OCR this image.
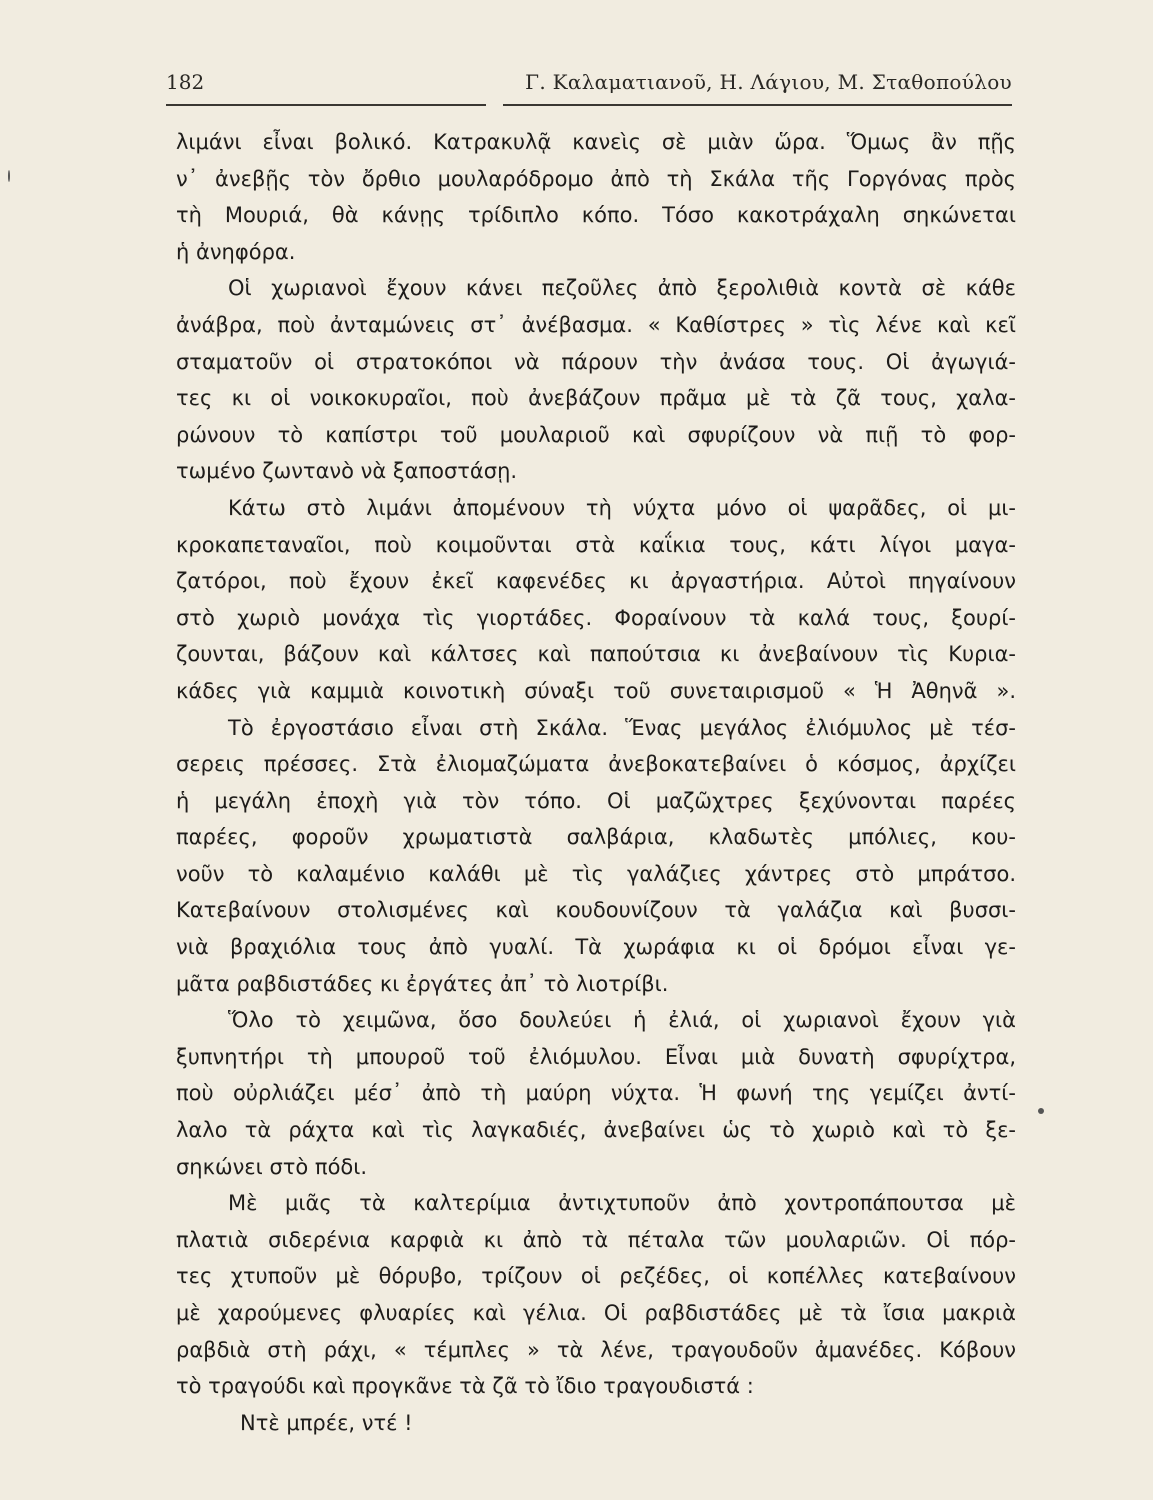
182	Γ. Καλαματιανοῦ, Η. Λάγιου, Μ. Σταθοπούλου
λιμάνι εἶναι βολικό. Κατρακυλᾷ κανεὶς σὲ μιὰν ὥρα. Ὅμως ἂν πῇς
ν᾽ ἀνεβῇς τὸν ὄρθιο μουλαρόδρομο ἀπὸ τὴ Σκάλα τῆς Γοργόνας πρὸς
τὴ Μουριά, θὰ κάνῃς τρίδιπλο κόπο. Τόσο κακοτράχαλη σηκώνεται
ἡ ἀνηφόρα.
Οἱ χωριανοὶ ἔχουν κάνει πεζοῦλες ἀπὸ ξερολιθιὰ κοντὰ σὲ κάθε
ἀνάβρα, ποὺ ἀνταμώνεις στ᾽ ἀνέβασμα. « Καθίστρες » τὶς λένε καὶ κεῖ
σταματοῦν οἱ στρατοκόποι νὰ πάρουν τὴν ἀνάσα τους. Οἱ ἀγωγιά-
τες κι οἱ νοικοκυραῖοι, ποὺ ἀνεβάζουν πρᾶμα μὲ τὰ ζᾶ τους, χαλα-
ρώνουν τὸ καπίστρι τοῦ μουλαριοῦ καὶ σφυρίζουν νὰ πιῇ τὸ φορ-
τωμένο ζωντανὸ νὰ ξαποστάσῃ.
Κάτω στὸ λιμάνι ἀπομένουν τὴ νύχτα μόνο οἱ ψαρᾶδες, οἱ μι-
κροκαπεταναῖοι, ποὺ κοιμοῦνται στὰ καΐκια τους, κάτι λίγοι μαγα-
ζατόροι, ποὺ ἔχουν ἐκεῖ καφενέδες κι ἀργαστήρια. Αὐτοὶ πηγαίνουν
στὸ χωριὸ μονάχα τὶς γιορτάδες. Φοραίνουν τὰ καλά τους, ξουρί-
ζουνται, βάζουν καὶ κάλτσες καὶ παπούτσια κι ἀνεβαίνουν τὶς Κυρια-
κάδες γιὰ καμμιὰ κοινοτικὴ σύναξι τοῦ συνεταιρισμοῦ « Ἡ Ἀθηνᾶ ».
Τὸ ἐργοστάσιο εἶναι στὴ Σκάλα. Ἕνας μεγάλος ἐλιόμυλος μὲ τέσ-
σερεις πρέσσες. Στὰ ἐλιομαζώματα ἀνεβοκατεβαίνει ὁ κόσμος, ἀρχίζει
ἡ μεγάλη ἐποχὴ γιὰ τὸν τόπο. Οἱ μαζῶχτρες ξεχύνονται παρέες
παρέες, φοροῦν χρωματιστὰ σαλβάρια, κλαδωτὲς μπόλιες, κου-
νοῦν τὸ καλαμένιο καλάθι μὲ τὶς γαλάζιες χάντρες στὸ μπράτσο.
Κατεβαίνουν στολισμένες καὶ κουδουνίζουν τὰ γαλάζια καὶ βυσσι-
νιὰ βραχιόλια τους ἀπὸ γυαλί. Τὰ χωράφια κι οἱ δρόμοι εἶναι γε-
μᾶτα ραβδιστάδες κι ἐργάτες ἀπ᾽ τὸ λιοτρίβι.
Ὅλο τὸ χειμῶνα, ὅσο δουλεύει ἡ ἐλιά, οἱ χωριανοὶ ἔχουν γιὰ
ξυπνητήρι τὴ μπουροῦ τοῦ ἐλιόμυλου. Εἶναι μιὰ δυνατὴ σφυρίχτρα,
ποὺ οὐρλιάζει μέσ᾽ ἀπὸ τὴ μαύρη νύχτα. Ἡ φωνή της γεμίζει ἀντί-
λαλο τὰ ράχτα καὶ τὶς λαγκαδιές, ἀνεβαίνει ὡς τὸ χωριὸ καὶ τὸ ξε-
σηκώνει στὸ πόδι.
Μὲ μιᾶς τὰ καλτερίμια ἀντιχτυποῦν ἀπὸ χοντροπάπουτσα μὲ
πλατιὰ σιδερένια καρφιὰ κι ἀπὸ τὰ πέταλα τῶν μουλαριῶν. Οἱ πόρ-
τες χτυποῦν μὲ θόρυβο, τρίζουν οἱ ρεζέδες, οἱ κοπέλλες κατεβαίνουν
μὲ χαρούμενες φλυαρίες καὶ γέλια. Οἱ ραβδιστάδες μὲ τὰ ἴσια μακριὰ
ραβδιὰ στὴ ράχι, « τέμπλες » τὰ λένε, τραγουδοῦν ἀμανέδες. Κόβουν
τὸ τραγούδι καὶ προγκᾶνε τὰ ζᾶ τὸ ἴδιο τραγουδιστά :
Ντὲ μπρέε, ντέ !
